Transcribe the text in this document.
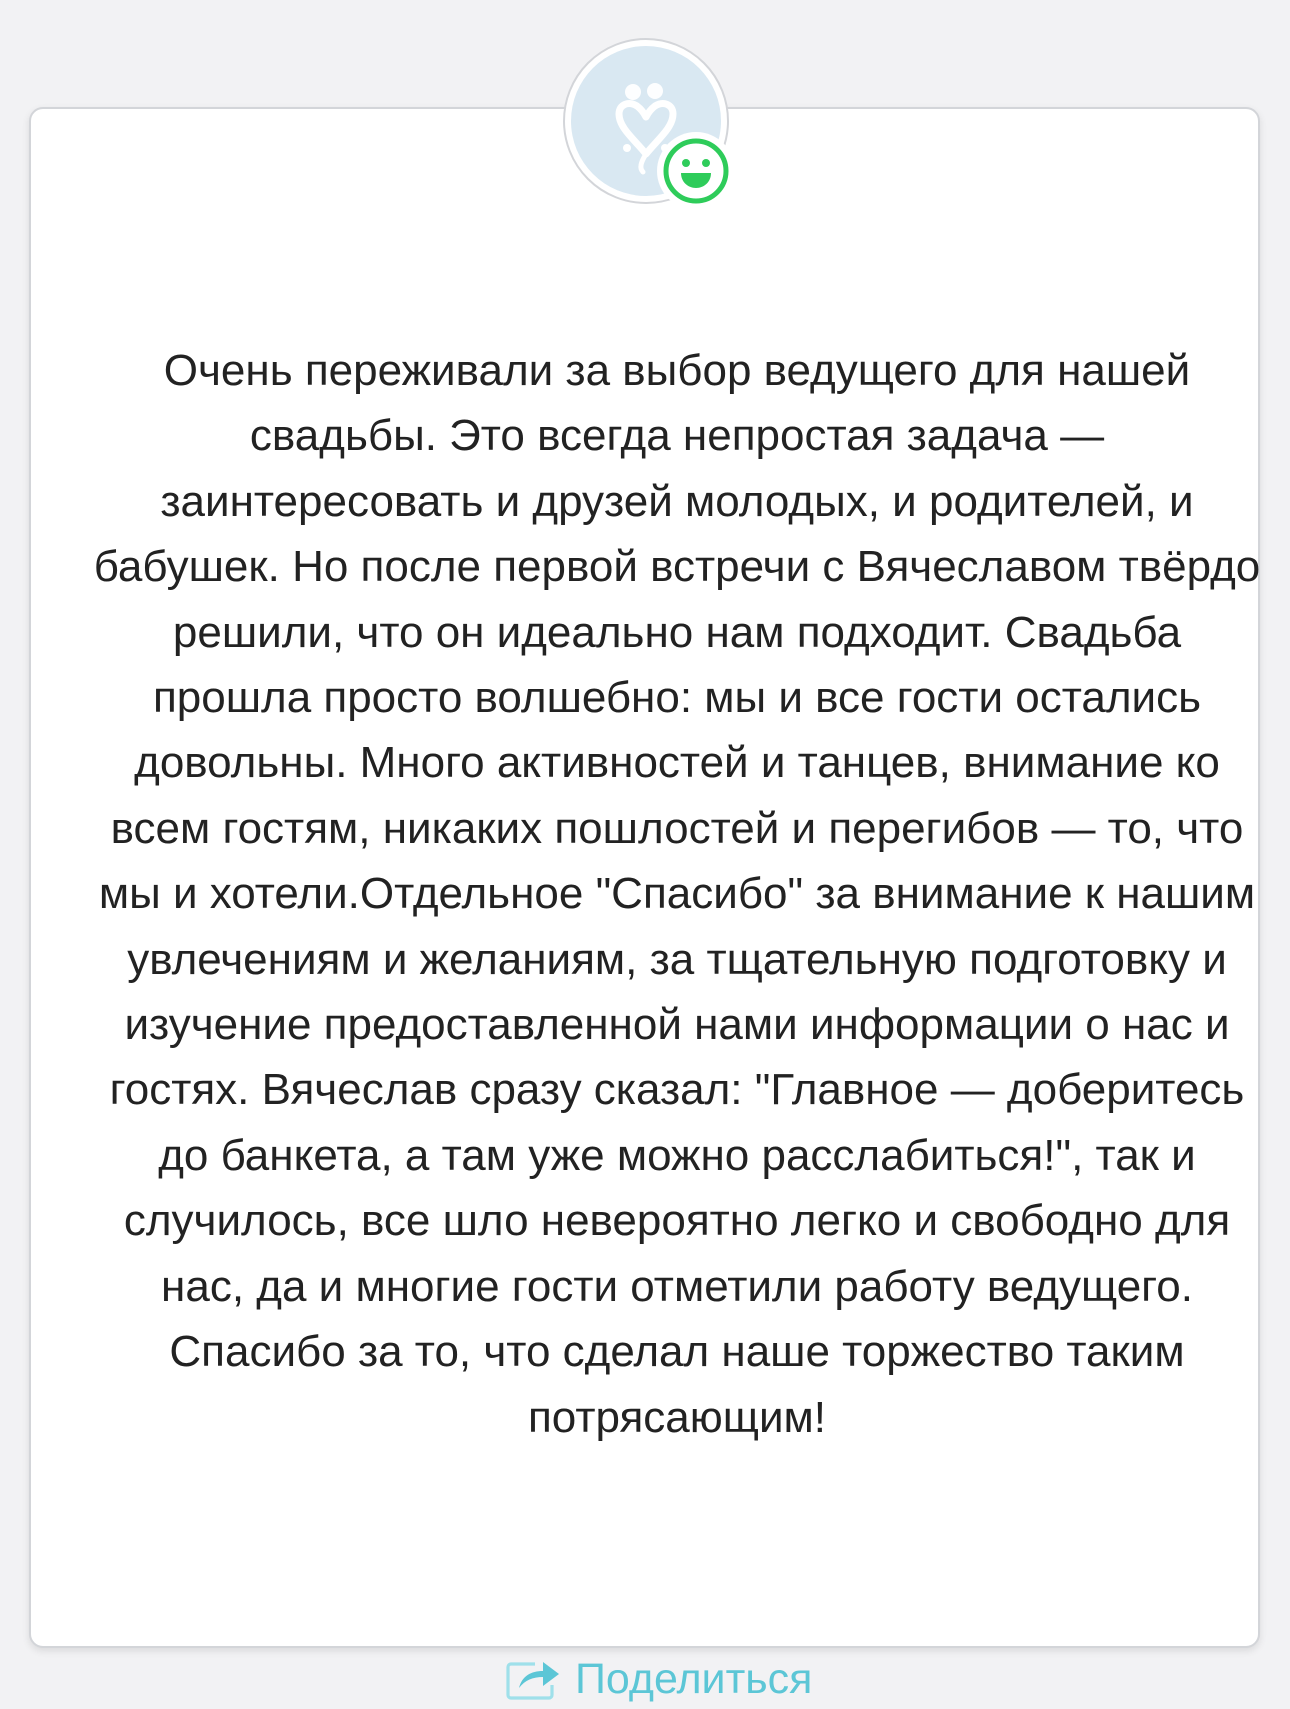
Очень переживали за выбор ведущего для нашей свадьбы. Это всегда непростая задача — заинтересовать и друзей молодых, и родителей, и бабушек. Но после первой встречи с Вячеславом твёрдо решили, что он идеально нам подходит. Свадьба прошла просто волшебно: мы и все гости остались довольны. Много активностей и танцев, внимание ко всем гостям, никаких пошлостей и перегибов — то, что мы и хотели.Отдельное "Спасибо" за внимание к нашим увлечениям и желаниям, за тщательную подготовку и изучение предоставленной нами информации о нас и гостях. Вячеслав сразу сказал: "Главное — доберитесь до банкета, а там уже можно расслабиться!", так и случилось, все шло невероятно легко и свободно для нас, да и многие гости отметили работу ведущего. Спасибо за то, что сделал наше торжество таким потрясающим!

Поделиться
